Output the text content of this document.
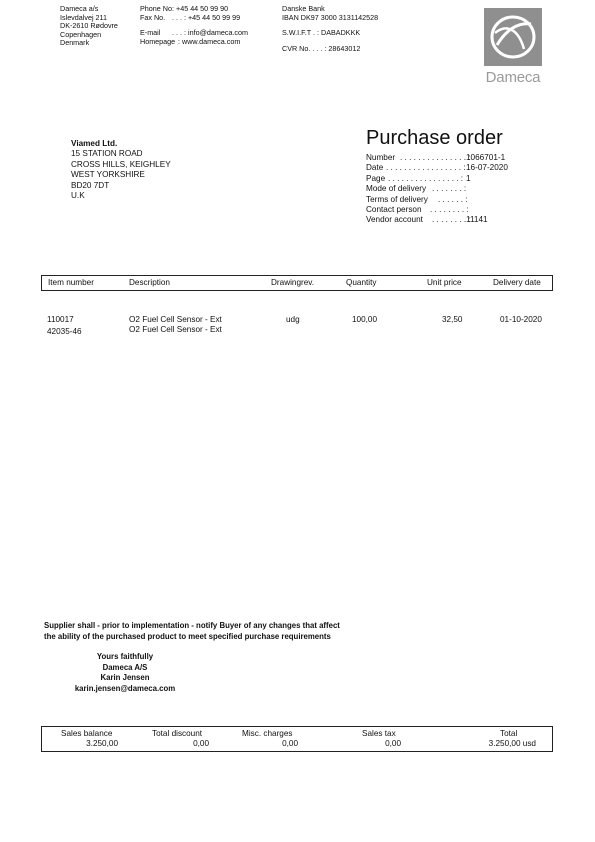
Dameca a/s
Islevdalvej 211
DK-2610 Rødovre
Copenhagen
Denmark
Phone No : +45 44 50 99 90
Fax No. . . . : +45 44 50 99 99
E-mail . . . : info@dameca.com
Homepage : www.dameca.com
Danske Bank
IBAN DK97 3000 3131142528
S.W.I.F.T . : DABADKKK
CVR No. . . . : 28643012
Dameca
Viamed Ltd.
15 STATION ROAD
CROSS HILLS, KEIGHLEY
WEST YORKSHIRE
BD20 7DT
U.K
Purchase order
Number . . . . . . . . . . . . . . . :1066701-1
Date . . . . . . . . . . . . . . . . . :16-07-2020
Page . . . . . . . . . . . . . . . . : 1
Mode of delivery . . . . . . . :
Terms of delivery . . . . . . :
Contact person . . . . . . . . :
Vendor account . . . . . . . . :11141
Item number	Description	Drawingrev.	Quantity	Unit price	Delivery date
110017	O2 Fuel Cell Sensor - Ext	udg	100,00	32,50	01-10-2020
42035-46	O2 Fuel Cell Sensor - Ext
Supplier shall - prior to implementation - notify Buyer of any changes that affect
the ability of the purchased product to meet specified purchase requirements
Yours faithfully
Dameca A/S
Karin Jensen
karin.jensen@dameca.com
Sales balance	Total discount	Misc. charges	Sales tax	Total
3.250,00	0,00	0,00	0,00	3.250,00 usd
